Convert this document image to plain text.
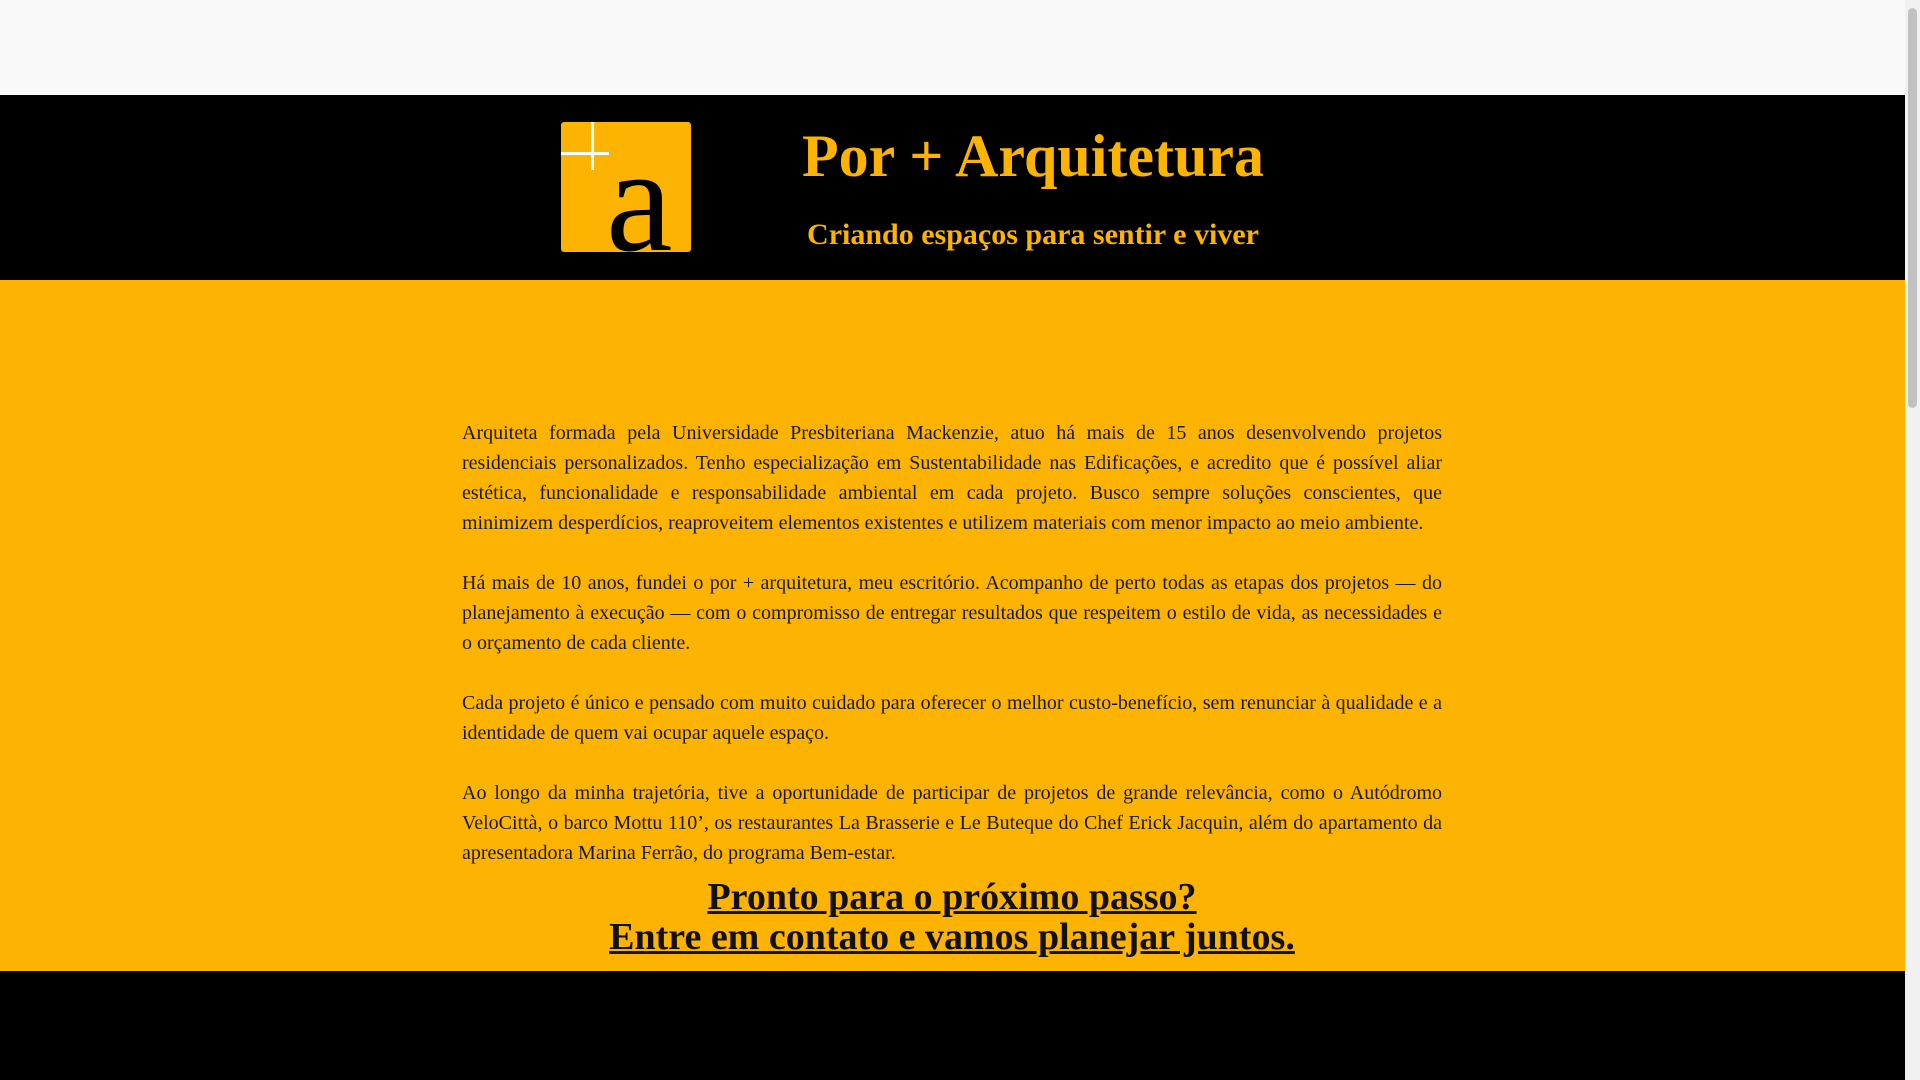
a	Por + Arquitetura
Criando espaços para sentir e viver

Arquiteta formada pela Universidade Presbiteriana Mackenzie, atuo há mais de 15 anos desenvolvendo projetos residenciais personalizados. Tenho especialização em Sustentabilidade nas Edificações, e acredito que é possível aliar estética, funcionalidade e responsabilidade ambiental em cada projeto. Busco sempre soluções conscientes, que minimizem desperdícios, reaproveitem elementos existentes e utilizem materiais com menor impacto ao meio ambiente.

Há mais de 10 anos, fundei o por + arquitetura, meu escritório. Acompanho de perto todas as etapas dos projetos — do planejamento à execução — com o compromisso de entregar resultados que respeitem o estilo de vida, as necessidades e o orçamento de cada cliente.

Cada projeto é único e pensado com muito cuidado para oferecer o melhor custo-benefício, sem renunciar à qualidade e a identidade de quem vai ocupar aquele espaço.

Ao longo da minha trajetória, tive a oportunidade de participar de projetos de grande relevância, como o Autódromo VeloCittà, o barco Mottu 110’, os restaurantes La Brasserie e Le Buteque do Chef Erick Jacquin, além do apartamento da apresentadora Marina Ferrão, do programa Bem-estar.

Pronto para o próximo passo?
Entre em contato e vamos planejar juntos.
